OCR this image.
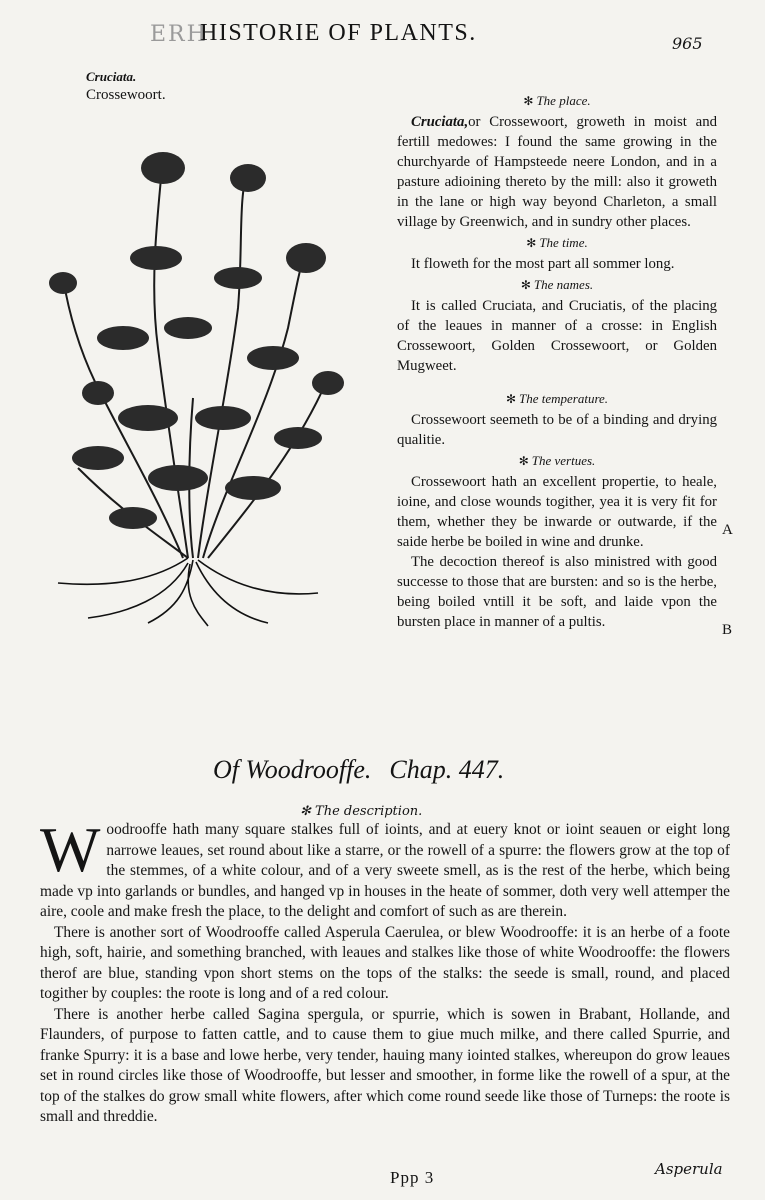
ERH
HISTORIE OF PLANTS.	965
Cruciata.
Crossewoort.	✻ The place.

Cruciata,or Crossewoort, groweth in moist and fertill medowes: I found the same growing in the churchyarde of Hampsteede neere London, and in a pasture adioining thereto by the mill: also it groweth in the lane or high way beyond Charleton, a small village by Greenwich, and in sundry other places.

✻ The time.

It floweth for the most part all sommer long.

✻ The names.

It is called Cruciata, and Cruciatis, of the placing of the leaues in manner of a crosse: in English Crossewoort, Golden Crossewoort, or Golden Mugweet.

✻ The temperature.

Crossewoort seemeth to be of a binding and drying qualitie.

✻ The vertues.

Crossewoort hath an excellent propertie, to heale, ioine, and close wounds togither, yea it is very fit for them, whether they be inwarde or outwarde, if the saide herbe be boiled in wine and drunke.

The decoction thereof is also ministred with good successe to those that are bursten: and so is the herbe, being boiled vntill it be soft, and laide vpon the bursten place in manner of a pultis.

A
B
Of Woodrooffe. Chap. 447.
✻ The description.

Woodrooffe hath many square stalkes full of ioints, and at euery knot or ioint seauen or eight long narrowe leaues, set round about like a starre, or the rowell of a spurre: the flowers grow at the top of the stemmes, of a white colour, and of a very sweete smell, as is the rest of the herbe, which being made vp into garlands or bundles, and hanged vp in houses in the heate of sommer, doth very well attemper the aire, coole and make fresh the place, to the delight and comfort of such as are therein.

There is another sort of Woodrooffe called Asperula Caerulea, or blew Woodrooffe: it is an herbe of a foote high, soft, hairie, and something branched, with leaues and stalkes like those of white Woodrooffe: the flowers therof are blue, standing vpon short stems on the tops of the stalks: the seede is small, round, and placed togither by couples: the roote is long and of a red colour.

There is another herbe called Sagina spergula, or spurrie, which is sowen in Brabant, Hollande, and Flaunders, of purpose to fatten cattle, and to cause them to giue much milke, and there called Spurrie, and franke Spurry: it is a base and lowe herbe, very tender, hauing many iointed stalkes, whereupon do grow leaues set in round circles like those of Woodrooffe, but lesser and smoother, in forme like the rowell of a spur, at the top of the stalkes do grow small white flowers, after which come round seede like those of Turneps: the roote is small and threddie.

Ppp 3	Asperula
